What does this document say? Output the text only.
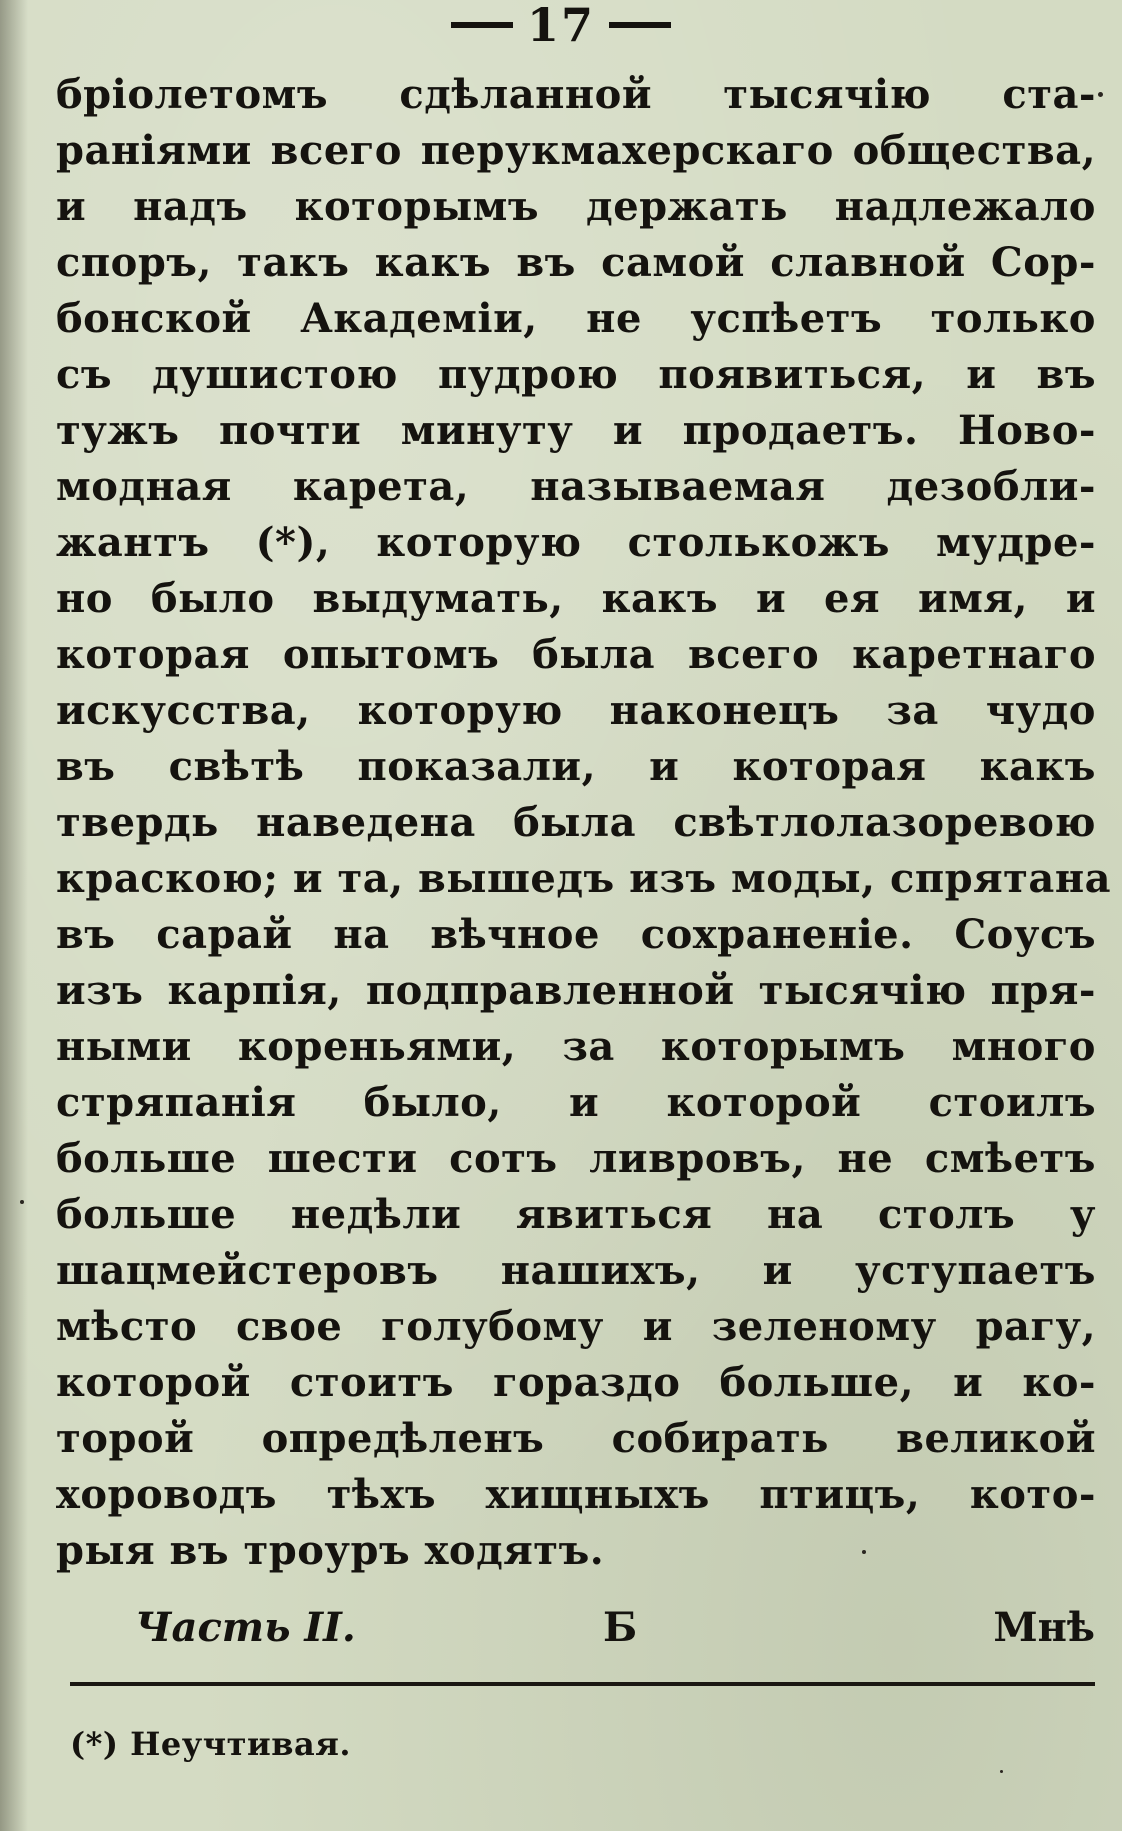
17
бріолетомъ сдѣланной тысячію ста-
раніями всего перукмахерскаго общества,
и надъ которымъ держать надлежало
споръ, такъ какъ въ самой славной Сор-
бонской Академіи, не успѣетъ только
съ душистою пудрою появиться, и въ
тужъ почти минуту и продаетъ. Ново-
модная карета, называемая дезобли-
жантъ (*), которую столькожъ мудре-
но было выдумать, какъ и ея имя, и
которая опытомъ была всего каретнаго
искусства, которую наконецъ за чудо
въ свѣтѣ показали, и которая какъ
твердь наведена была свѣтлолазоревою
краскою; и та, вышедъ изъ моды, спрятана
въ сарай на вѣчное сохраненіе. Соусъ
изъ карпія, подправленной тысячію пря-
ными кореньями, за которымъ много
стряпанія было, и которой стоилъ
больше шести сотъ ливровъ, не смѣетъ
больше недѣли явиться на столъ у
шацмейстеровъ нашихъ, и уступаетъ
мѣсто свое голубому и зеленому рагу,
которой стоитъ гораздо больше, и ко-
торой опредѣленъ собирать великой
хороводъ тѣхъ хищныхъ птицъ, кото-
рыя въ троуръ ходятъ.
Часть II.	Б	Мнѣ
(*) Неучтивая.
